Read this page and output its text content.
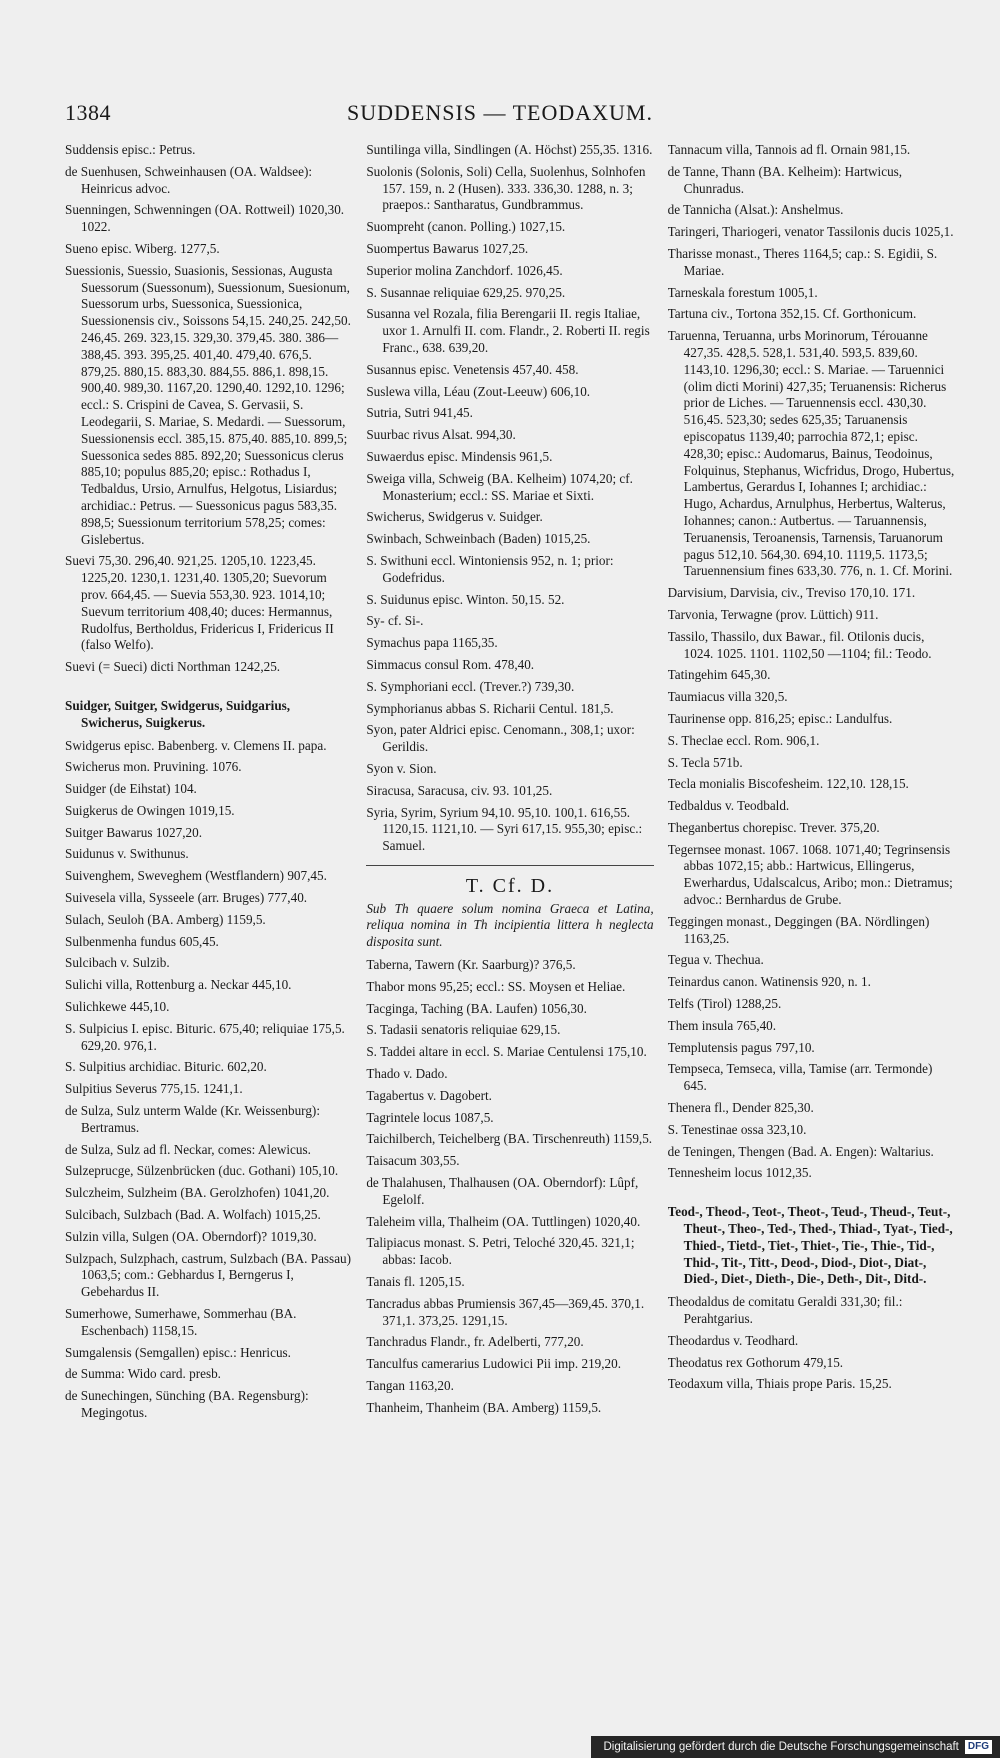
1384	SUDDENSIS — TEODAXUM.
Suddensis episc.: Petrus.
de Suenhusen, Schweinhausen (OA. Waldsee): Heinricus advoc.
Suenningen, Schwenningen (OA. Rottweil) 1020,30. 1022.
Sueno episc. Wiberg. 1277,5.
Suessionis, Suessio, Suasionis, Sessionas, Augusta Suessorum (Suessonum), Suessionum, Suesionum, Suessorum urbs, Suessonica, Suessionica, Suessionensis civ., Soissons 54,15. 240,25. 242,50. 246,45. 269. 323,15. 329,30. 379,45. 380. 386—388,45. 393. 395,25. 401,40. 479,40. 676,5. 879,25. 880,15. 883,30. 884,55. 886,1. 898,15. 900,40. 989,30. 1167,20. 1290,40. 1292,10. 1296; eccl.: S. Crispini de Cavea, S. Gervasii, S. Leodegarii, S. Mariae, S. Medardi. — Suessorum, Suessionensis eccl. 385,15. 875,40. 885,10. 899,5; Suessonica sedes 885. 892,20; Suessonicus clerus 885,10; populus 885,20; episc.: Rothadus I, Tedbaldus, Ursio, Arnulfus, Helgotus, Lisiardus; archidiac.: Petrus. — Suessonicus pagus 583,35. 898,5; Suessionum territorium 578,25; comes: Gislebertus.
Suevi 75,30. 296,40. 921,25. 1205,10. 1223,45. 1225,20. 1230,1. 1231,40. 1305,20; Suevorum prov. 664,45. — Suevia 553,30. 923. 1014,10; Suevum territorium 408,40; duces: Hermannus, Rudolfus, Bertholdus, Fridericus I, Fridericus II (falso Welfo).
Suevi (= Sueci) dicti Northman 1242,25.
Suidger, Suitger, Swidgerus, Suidgarius, Swicherus, Suigkerus.
Swidgerus episc. Babenberg. v. Clemens II. papa.
Swicherus mon. Pruvining. 1076.
Suidger (de Eihstat) 104.
Suigkerus de Owingen 1019,15.
Suitger Bawarus 1027,20.
Suidunus v. Swithunus.
Suivenghem, Sweveghem (Westflandern) 907,45.
Suivesela villa, Sysseele (arr. Bruges) 777,40.
Sulach, Seuloh (BA. Amberg) 1159,5.
Sulbenmenha fundus 605,45.
Sulcibach v. Sulzib.
Sulichi villa, Rottenburg a. Neckar 445,10.
Sulichkewe 445,10.
S. Sulpicius I. episc. Bituric. 675,40; reliquiae 175,5. 629,20. 976,1.
S. Sulpitius archidiac. Bituric. 602,20.
Sulpitius Severus 775,15. 1241,1.
de Sulza, Sulz unterm Walde (Kr. Weissenburg): Bertramus.
de Sulza, Sulz ad fl. Neckar, comes: Alewicus.
Sulzeprucge, Sülzenbrücken (duc. Gothani) 105,10.
Sulczheim, Sulzheim (BA. Gerolzhofen) 1041,20.
Sulcibach, Sulzbach (Bad. A. Wolfach) 1015,25.
Sulzin villa, Sulgen (OA. Oberndorf)? 1019,30.
Sulzpach, Sulzphach, castrum, Sulzbach (BA. Passau) 1063,5; com.: Gebhardus I, Berngerus I, Gebehardus II.
Sumerhowe, Sumerhawe, Sommerhau (BA. Eschenbach) 1158,15.
Sumgalensis (Semgallen) episc.: Henricus.
de Summa: Wido card. presb.
de Sunechingen, Sünching (BA. Regensburg): Megingotus.
Suntilinga villa, Sindlingen (A. Höchst) 255,35. 1316.
Suolonis (Solonis, Soli) Cella, Suolenhus, Solnhofen 157. 159, n. 2 (Husen). 333. 336,30. 1288, n. 3; praepos.: Santharatus, Gundbrammus.
Suompreht (canon. Polling.) 1027,15.
Suompertus Bawarus 1027,25.
Superior molina Zanchdorf. 1026,45.
S. Susannae reliquiae 629,25. 970,25.
Susanna vel Rozala, filia Berengarii II. regis Italiae, uxor 1. Arnulfi II. com. Flandr., 2. Roberti II. regis Franc., 638. 639,20.
Susannus episc. Venetensis 457,40. 458.
Suslewa villa, Léau (Zout-Leeuw) 606,10.
Sutria, Sutri 941,45.
Suurbac rivus Alsat. 994,30.
Suwaerdus episc. Mindensis 961,5.
Sweiga villa, Schweig (BA. Kelheim) 1074,20; cf. Monasterium; eccl.: SS. Mariae et Sixti.
Swicherus, Swidgerus v. Suidger.
Swinbach, Schweinbach (Baden) 1015,25.
S. Swithuni eccl. Wintoniensis 952, n. 1; prior: Godefridus.
S. Suidunus episc. Winton. 50,15. 52.
Sy- cf. Si-.
Symachus papa 1165,35.
Simmacus consul Rom. 478,40.
S. Symphoriani eccl. (Trever.?) 739,30.
Symphorianus abbas S. Richarii Centul. 181,5.
Syon, pater Aldrici episc. Cenomann., 308,1; uxor: Gerildis.
Syon v. Sion.
Siracusa, Saracusa, civ. 93. 101,25.
Syria, Syrim, Syrium 94,10. 95,10. 100,1. 616,55. 1120,15. 1121,10. — Syri 617,15. 955,30; episc.: Samuel.
T. Cf. D.
Sub Th quaere solum nomina Graeca et Latina, reliqua nomina in Th incipientia littera h neglecta disposita sunt.
Taberna, Tawern (Kr. Saarburg)? 376,5.
Thabor mons 95,25; eccl.: SS. Moysen et Heliae.
Tacginga, Taching (BA. Laufen) 1056,30.
S. Tadasii senatoris reliquiae 629,15.
S. Taddei altare in eccl. S. Mariae Centulensi 175,10.
Thado v. Dado.
Tagabertus v. Dagobert.
Tagrintele locus 1087,5.
Taichilberch, Teichelberg (BA. Tirschenreuth) 1159,5.
Taisacum 303,55.
de Thalahusen, Thalhausen (OA. Oberndorf): Lûpf, Egelolf.
Taleheim villa, Thalheim (OA. Tuttlingen) 1020,40.
Talipiacus monast. S. Petri, Teloché 320,45. 321,1; abbas: Iacob.
Tanais fl. 1205,15.
Tancradus abbas Prumiensis 367,45—369,45. 370,1. 371,1. 373,25. 1291,15.
Tanchradus Flandr., fr. Adelberti, 777,20.
Tanculfus camerarius Ludowici Pii imp. 219,20.
Tangan 1163,20.
Thanheim, Thanheim (BA. Amberg) 1159,5.
Tannacum villa, Tannois ad fl. Ornain 981,15.
de Tanne, Thann (BA. Kelheim): Hartwicus, Chunradus.
de Tannicha (Alsat.): Anshelmus.
Taringeri, Thariogeri, venator Tassilonis ducis 1025,1.
Tharisse monast., Theres 1164,5; cap.: S. Egidii, S. Mariae.
Tarneskala forestum 1005,1.
Tartuna civ., Tortona 352,15. Cf. Gorthonicum.
Taruenna, Teruanna, urbs Morinorum, Térouanne 427,35. 428,5. 528,1. 531,40. 593,5. 839,60. 1143,10. 1296,30; eccl.: S. Mariae. — Taruennici (olim dicti Morini) 427,35; Teruanensis: Richerus prior de Liches. — Taruennensis eccl. 430,30. 516,45. 523,30; sedes 625,35; Taruanensis episcopatus 1139,40; parrochia 872,1; episc. 428,30; episc.: Audomarus, Bainus, Teodoinus, Folquinus, Stephanus, Wicfridus, Drogo, Hubertus, Lambertus, Gerardus I, Iohannes I; archidiac.: Hugo, Achardus, Arnulphus, Herbertus, Walterus, Iohannes; canon.: Autbertus. — Taruannensis, Teruanensis, Teroanensis, Tarnensis, Taruanorum pagus 512,10. 564,30. 694,10. 1119,5. 1173,5; Taruennensium fines 633,30. 776, n. 1. Cf. Morini.
Darvisium, Darvisia, civ., Treviso 170,10. 171.
Tarvonia, Terwagne (prov. Lüttich) 911.
Tassilo, Thassilo, dux Bawar., fil. Otilonis ducis, 1024. 1025. 1101. 1102,50 —1104; fil.: Teodo.
Tatingehim 645,30.
Taumiacus villa 320,5.
Taurinense opp. 816,25; episc.: Landulfus.
S. Theclae eccl. Rom. 906,1.
S. Tecla 571b.
Tecla monialis Biscofesheim. 122,10. 128,15.
Tedbaldus v. Teodbald.
Theganbertus chorepisc. Trever. 375,20.
Tegernsee monast. 1067. 1068. 1071,40; Tegrinsensis abbas 1072,15; abb.: Hartwicus, Ellingerus, Ewerhardus, Udalscalcus, Aribo; mon.: Dietramus; advoc.: Bernhardus de Grube.
Teggingen monast., Deggingen (BA. Nördlingen) 1163,25.
Tegua v. Thechua.
Teinardus canon. Watinensis 920, n. 1.
Telfs (Tirol) 1288,25.
Them insula 765,40.
Templutensis pagus 797,10.
Tempseca, Temseca, villa, Tamise (arr. Termonde) 645.
Thenera fl., Dender 825,30.
S. Tenestinae ossa 323,10.
de Teningen, Thengen (Bad. A. Engen): Waltarius.
Tennesheim locus 1012,35.
Teod-, Theod-, Teot-, Theot-, Teud-, Theud-, Teut-, Theut-, Theo-, Ted-, Thed-, Thiad-, Tyat-, Tied-, Thied-, Tietd-, Tiet-, Thiet-, Tie-, Thie-, Tid-, Thid-, Tit-, Titt-, Deod-, Diod-, Diot-, Diat-, Died-, Diet-, Dieth-, Die-, Deth-, Dit-, Ditd-.
Theodaldus de comitatu Geraldi 331,30; fil.: Perahtgarius.
Theodardus v. Teodhard.
Theodatus rex Gothorum 479,15.
Teodaxum villa, Thiais prope Paris. 15,25.
Digitalisierung gefördert durch die Deutsche Forschungsgemeinschaft DFG
